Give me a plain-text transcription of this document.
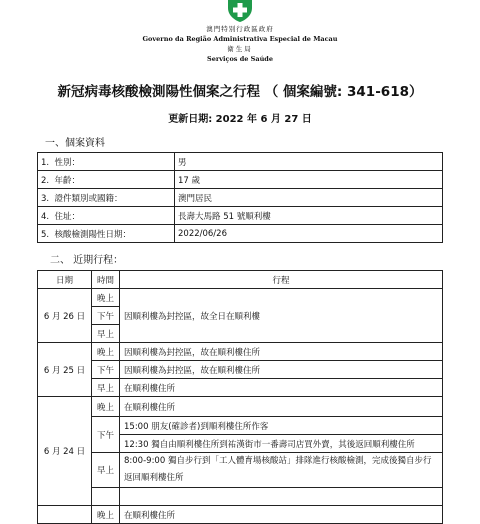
澳門特別行政區政府
Governo da Região Administrativa Especial de Macau
衛生局
Serviços de Saúde
新冠病毒核酸檢測陽性個案之行程 （ 個案編號: 341-618）
更新日期: 2022 年 6 月 27 日
一、個案資料
1. 性別：	男
2. 年齡：	17 歲
3. 證件類別或國籍：	澳門居民
4. 住址：	長壽大馬路 51 號順利樓
5. 核酸檢測陽性日期：	2022/06/26
二、 近期行程：
日期	時間	行程
6 月 26 日	晚上	因順利樓為封控區，故全日在順利樓
	下午	
	早上	
6 月 25 日	晚上	因順利樓為封控區，故在順利樓住所
	下午	因順利樓為封控區，故在順利樓住所
	早上	在順利樓住所
6 月 24 日	晚上	在順利樓住所
	下午	15:00 朋友(確診者)到順利樓住所作客
		12:30 獨自由順利樓住所到祐漢街市一番壽司店買外賣，其後返回順利樓住所
	早上	8:00-9:00 獨自步行到「工人體育場核酸站」排隊進行核酸檢測，完成後獨自步行返回順利樓住所

	晚上	在順利樓住所
